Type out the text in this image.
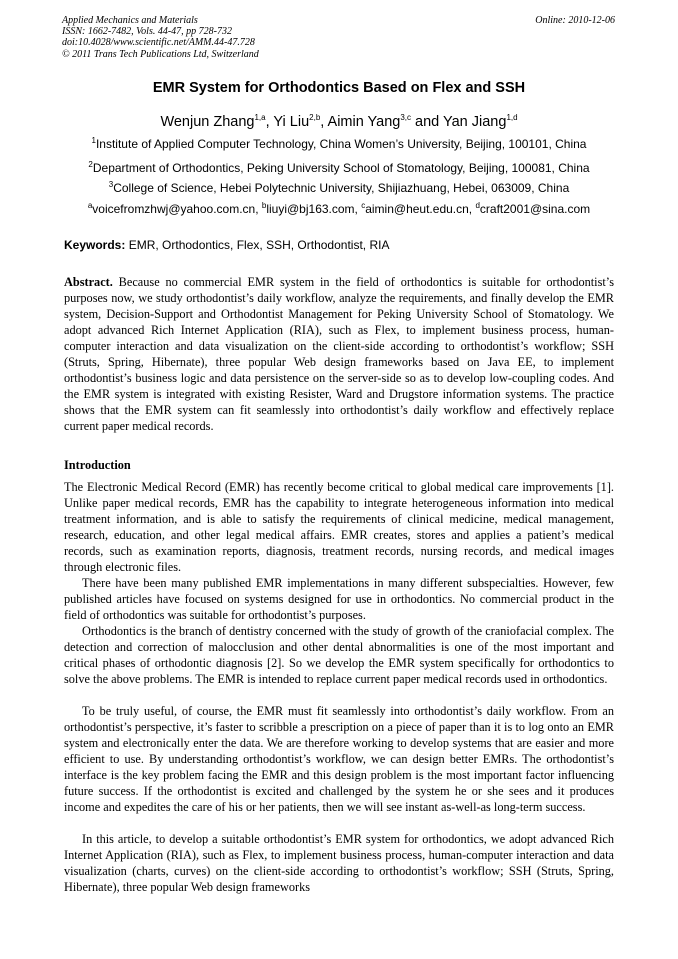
Applied Mechanics and Materials
ISSN: 1662-7482, Vols. 44-47, pp 728-732
doi:10.4028/www.scientific.net/AMM.44-47.728
© 2011 Trans Tech Publications Ltd, Switzerland
Online: 2010-12-06
EMR System for Orthodontics Based on Flex and SSH
Wenjun Zhang$^{1,a}$, Yi Liu$^{2,b}$, Aimin Yang$^{3,c}$ and Yan Jiang$^{1,d}$
$^1$Institute of Applied Computer Technology, China Women’s University, Beijing, 100101, China
$^2$Department of Orthodontics, Peking University School of Stomatology, Beijing, 100081, China
$^3$College of Science, Hebei Polytechnic University, Shijiazhuang, Hebei, 063009, China
$^a$voicefromzhwj@yahoo.com.cn, $^b$liuyi@bj163.com, $^c$aimin@heut.edu.cn, $^d$craft2001@sina.com
Keywords: EMR, Orthodontics, Flex, SSH, Orthodontist, RIA
Abstract. Because no commercial EMR system in the field of orthodontics is suitable for orthodontist’s purposes now, we study orthodontist’s daily workflow, analyze the requirements, and finally develop the EMR system, Decision-Support and Orthodontist Management for Peking University School of Stomatology. We adopt advanced Rich Internet Application (RIA), such as Flex, to implement business process, human-computer interaction and data visualization on the client-side according to orthodontist’s workflow; SSH (Struts, Spring, Hibernate), three popular Web design frameworks based on Java EE, to implement orthodontist’s business logic and data persistence on the server-side so as to develop low-coupling codes. And the EMR system is integrated with existing Resister, Ward and Drugstore information systems. The practice shows that the EMR system can fit seamlessly into orthodontist’s daily workflow and effectively replace current paper medical records.
Introduction
The Electronic Medical Record (EMR) has recently become critical to global medical care improvements [1]. Unlike paper medical records, EMR has the capability to integrate heterogeneous information into medical treatment information, and is able to satisfy the requirements of clinical medicine, medical management, research, education, and other legal medical affairs. EMR creates, stores and applies a patient’s medical records, such as examination reports, diagnosis, treatment records, nursing records, and medical images through electronic files.
There have been many published EMR implementations in many different subspecialties. However, few published articles have focused on systems designed for use in orthodontics. No commercial product in the field of orthodontics was suitable for orthodontist’s purposes.
Orthodontics is the branch of dentistry concerned with the study of growth of the craniofacial complex. The detection and correction of malocclusion and other dental abnormalities is one of the most important and critical phases of orthodontic diagnosis [2]. So we develop the EMR system specifically for orthodontics to solve the above problems. The EMR is intended to replace current paper medical records used in orthodontics.
To be truly useful, of course, the EMR must fit seamlessly into orthodontist’s daily workflow. From an orthodontist’s perspective, it’s faster to scribble a prescription on a piece of paper than it is to log onto an EMR system and electronically enter the data. We are therefore working to develop systems that are easier and more efficient to use. By understanding orthodontist’s workflow, we can design better EMRs. The orthodontist’s interface is the key problem facing the EMR and this design problem is the most important factor influencing future success. If the orthodontist is excited and challenged by the system he or she sees and it produces income and expedites the care of his or her patients, then we will see instant as-well-as long-term success.
In this article, to develop a suitable orthodontist’s EMR system for orthodontics, we adopt advanced Rich Internet Application (RIA), such as Flex, to implement business process, human-computer interaction and data visualization (charts, curves) on the client-side according to orthodontist’s workflow; SSH (Struts, Spring, Hibernate), three popular Web design frameworks
